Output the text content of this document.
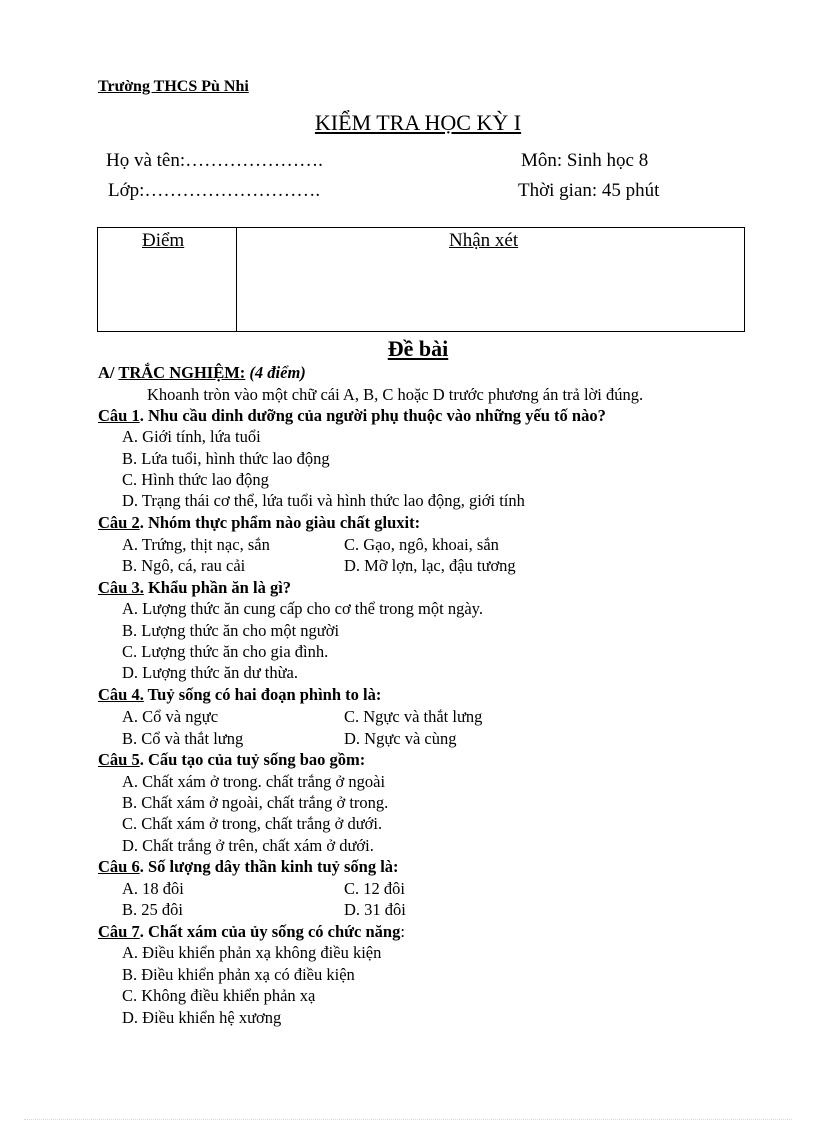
Trường THCS Pù Nhi
KIỂM TRA HỌC KỲ I
Họ và tên:………………….	Môn: Sinh học 8
Lớp:……………………….	Thời gian: 45 phút
Điểm	Nhận xét
Đề bài
A/ TRẮC NGHIỆM: (4 điểm)
Khoanh tròn vào một chữ cái A, B, C hoặc D trước phương án trả lời đúng.
Câu 1. Nhu cầu dinh dưỡng của người phụ thuộc vào những yếu tố nào?
A. Giới tính, lứa tuổi
B. Lứa tuổi, hình thức lao động
C. Hình thức lao động
D. Trạng thái cơ thể, lứa tuổi và hình thức lao động, giới tính
Câu 2. Nhóm thực phẩm nào giàu chất gluxit:
A. Trứng, thịt nạc, sắn	C. Gạo, ngô, khoai, sắn
B. Ngô, cá, rau cải	D. Mỡ lợn, lạc, đậu tương
Câu 3. Khẩu phần ăn là gì?
A. Lượng thức ăn cung cấp cho cơ thể trong một ngày.
B. Lượng thức ăn cho một người
C. Lượng thức ăn cho gia đình.
D. Lượng thức ăn dư thừa.
Câu 4. Tuỷ sống có hai đoạn phình to là:
A. Cổ và ngực	C. Ngực và thắt lưng
B. Cổ và thắt lưng	D. Ngực và cùng
Câu 5. Cấu tạo của tuỷ sống bao gồm:
A. Chất xám ở trong. chất trắng ở ngoài
B. Chất xám ở ngoài, chất trắng ở trong.
C. Chất xám ở trong, chất trắng ở dưới.
D. Chất trắng ở trên, chất xám ở dưới.
Câu 6. Số lượng dây thần kinh tuỷ sống là:
A. 18 đôi	C. 12 đôi
B. 25 đôi	D. 31 đôi
Câu 7. Chất xám của ủy sống có chức năng:
A. Điều khiển phản xạ không điều kiện
B. Điều khiển phản xạ có điều kiện
C. Không điều khiển phản xạ
D. Điều khiển hệ xương
